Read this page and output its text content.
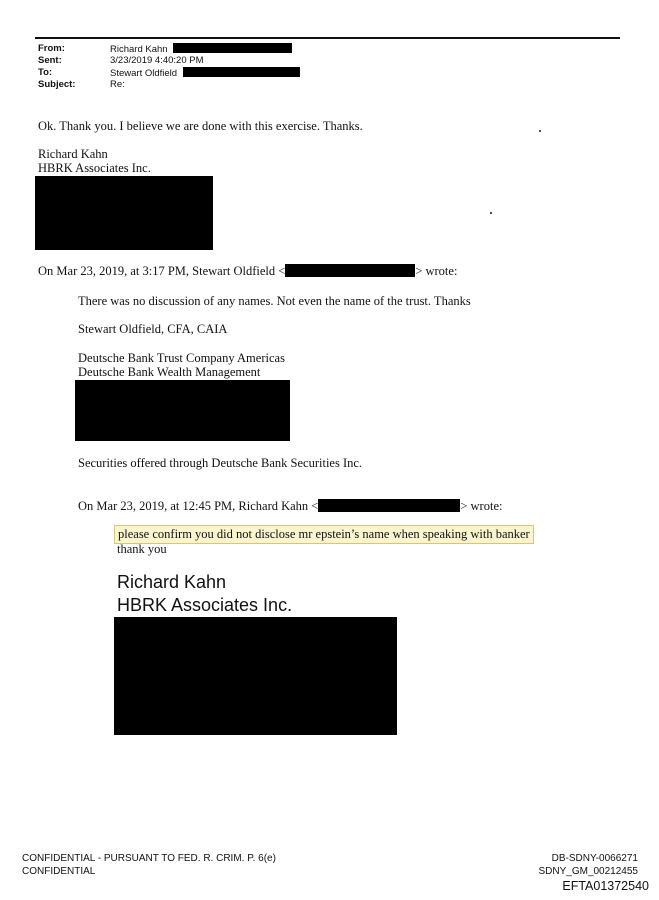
From:	Richard Kahn
Sent:	3/23/2019 4:40:20 PM
To:	Stewart Oldfield
Subject:	Re:
Ok. Thank you. I believe we are done with this exercise. Thanks.
Richard Kahn
HBRK Associates Inc.
On Mar 23, 2019, at 3:17 PM, Stewart Oldfield <	> wrote:
There was no discussion of any names. Not even the name of the trust. Thanks
Stewart Oldfield, CFA, CAIA
Deutsche Bank Trust Company Americas
Deutsche Bank Wealth Management
Securities offered through Deutsche Bank Securities Inc.
On Mar 23, 2019, at 12:45 PM, Richard Kahn <	> wrote:
please confirm you did not disclose mr epstein’s name when speaking with banker
thank you
Richard Kahn
HBRK Associates Inc.
CONFIDENTIAL - PURSUANT TO FED. R. CRIM. P. 6(e)
CONFIDENTIAL
DB-SDNY-0066271
SDNY_GM_00212455
EFTA01372540
